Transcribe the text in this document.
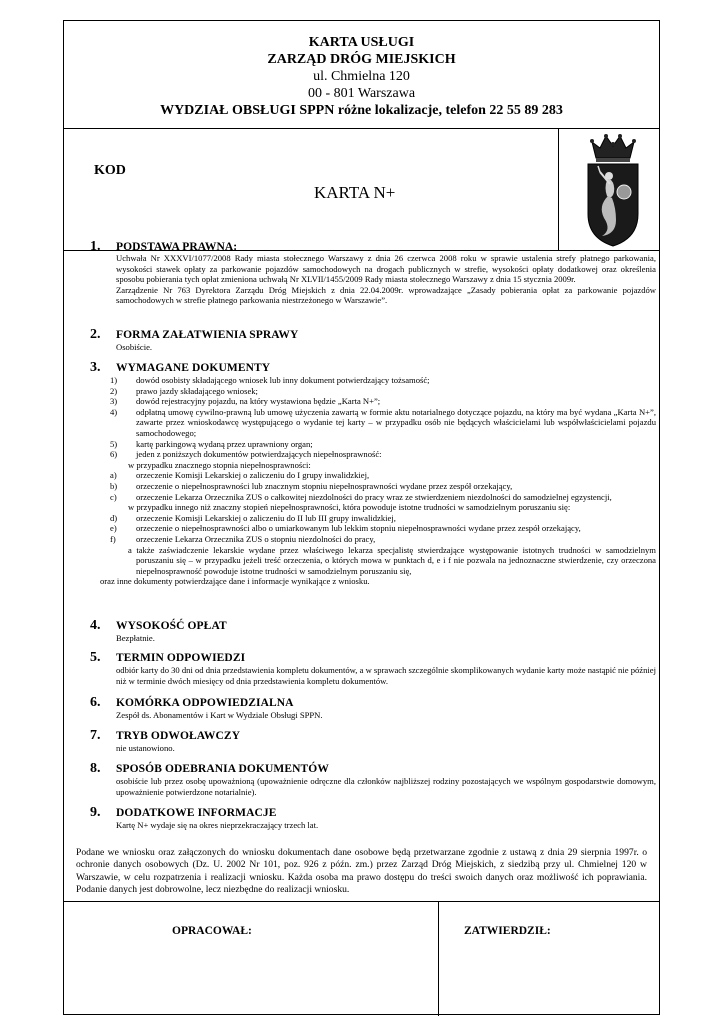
KARTA USŁUGI
ZARZĄD DRÓG MIEJSKICH
ul. Chmielna 120
00 - 801 Warszawa
WYDZIAŁ OBSŁUGI SPPN różne lokalizacje, telefon 22 55 89 283
KOD
KARTA N+
1. PODSTAWA PRAWNA:

Uchwała Nr XXXVI/1077/2008 Rady miasta stołecznego Warszawy z dnia 26 czerwca 2008 roku w sprawie ustalenia strefy płatnego parkowania, wysokości stawek opłaty za parkowanie pojazdów samochodowych na drogach publicznych w strefie, wysokości opłaty dodatkowej oraz określenia sposobu pobierania tych opłat zmieniona uchwałą Nr XLVII/1455/2009 Rady miasta stołecznego Warszawy z dnia 15 stycznia 2009r.

Zarządzenie Nr 763 Dyrektora Zarządu Dróg Miejskich z dnia 22.04.2009r. wprowadzające „Zasady pobierania opłat za parkowanie pojazdów samochodowych w strefie płatnego parkowania niestrzeżonego w Warszawie”.

2. FORMA ZAŁATWIENIA SPRAWY
Osobiście.
3. WYMAGANE DOKUMENTY
1) dowód osobisty składającego wniosek lub inny dokument potwierdzający tożsamość;
2) prawo jazdy składającego wniosek;
3) dowód rejestracyjny pojazdu, na który wystawiona będzie „Karta N+”;
4) odpłatną umowę cywilno-prawną lub umowę użyczenia zawartą w formie aktu notarialnego dotyczące pojazdu, na który ma być wydana „Karta N+”, zawarte przez wnioskodawcę występującego o wydanie tej karty – w przypadku osób nie będących właścicielami lub współwłaścicielami pojazdu samochodowego;
5) kartę parkingową wydaną przez uprawniony organ;
6) jeden z poniższych dokumentów potwierdzających niepełnosprawność:
w przypadku znacznego stopnia niepełnosprawności:
a) orzeczenie Komisji Lekarskiej o zaliczeniu do I grupy inwalidzkiej,
b) orzeczenie o niepełnosprawności lub znacznym stopniu niepełnosprawności wydane przez zespół orzekający,
c) orzeczenie Lekarza Orzecznika ZUS o całkowitej niezdolności do pracy wraz ze stwierdzeniem niezdolności do samodzielnej egzystencji,
w przypadku innego niż znaczny stopień niepełnosprawności, która powoduje istotne trudności w samodzielnym poruszaniu się:
d) orzeczenie Komisji Lekarskiej o zaliczeniu do II lub III grupy inwalidzkiej,
e) orzeczenie o niepełnosprawności albo o umiarkowanym lub lekkim stopniu niepełnosprawności wydane przez zespół orzekający,
f) orzeczenie Lekarza Orzecznika ZUS o stopniu niezdolności do pracy,
a także zaświadczenie lekarskie wydane przez właściwego lekarza specjalistę stwierdzające występowanie istotnych trudności w samodzielnym poruszaniu się – w przypadku jeżeli treść orzeczenia, o których mowa w punktach d, e i f nie pozwala na jednoznaczne stwierdzenie, czy orzeczona niepełnosprawność powoduje istotne trudności w samodzielnym poruszaniu się,
oraz inne dokumenty potwierdzające dane i informacje wynikające z wniosku.
4. WYSOKOŚĆ OPŁAT
Bezpłatnie.
5. TERMIN ODPOWIEDZI
odbiór karty do 30 dni od dnia przedstawienia kompletu dokumentów, a w sprawach szczególnie skomplikowanych wydanie karty może nastąpić nie później niż w terminie dwóch miesięcy od dnia przedstawienia kompletu dokumentów.
6. KOMÓRKA ODPOWIEDZIALNA
Zespół ds. Abonamentów i Kart w Wydziale Obsługi SPPN.
7. TRYB ODWOŁAWCZY
nie ustanowiono.
8. SPOSÓB ODEBRANIA DOKUMENTÓW
osobiście lub przez osobę upoważnioną (upoważnienie odręczne dla członków najbliższej rodziny pozostających we wspólnym gospodarstwie domowym, upoważnienie potwierdzone notarialnie).
9. DODATKOWE INFORMACJE
Kartę N+ wydaje się na okres nieprzekraczający trzech lat.
Podane we wniosku oraz załączonych do wniosku dokumentach dane osobowe będą przetwarzane zgodnie z ustawą z dnia 29 sierpnia 1997r. o ochronie danych osobowych (Dz. U. 2002 Nr 101, poz. 926 z późn. zm.) przez Zarząd Dróg Miejskich, z siedzibą przy ul. Chmielnej 120 w Warszawie, w celu rozpatrzenia i realizacji wniosku. Każda osoba ma prawo dostępu do treści swoich danych oraz możliwość ich poprawiania. Podanie danych jest dobrowolne, lecz niezbędne do realizacji wniosku.
OPRACOWAŁ:	ZATWIERDZIŁ:
